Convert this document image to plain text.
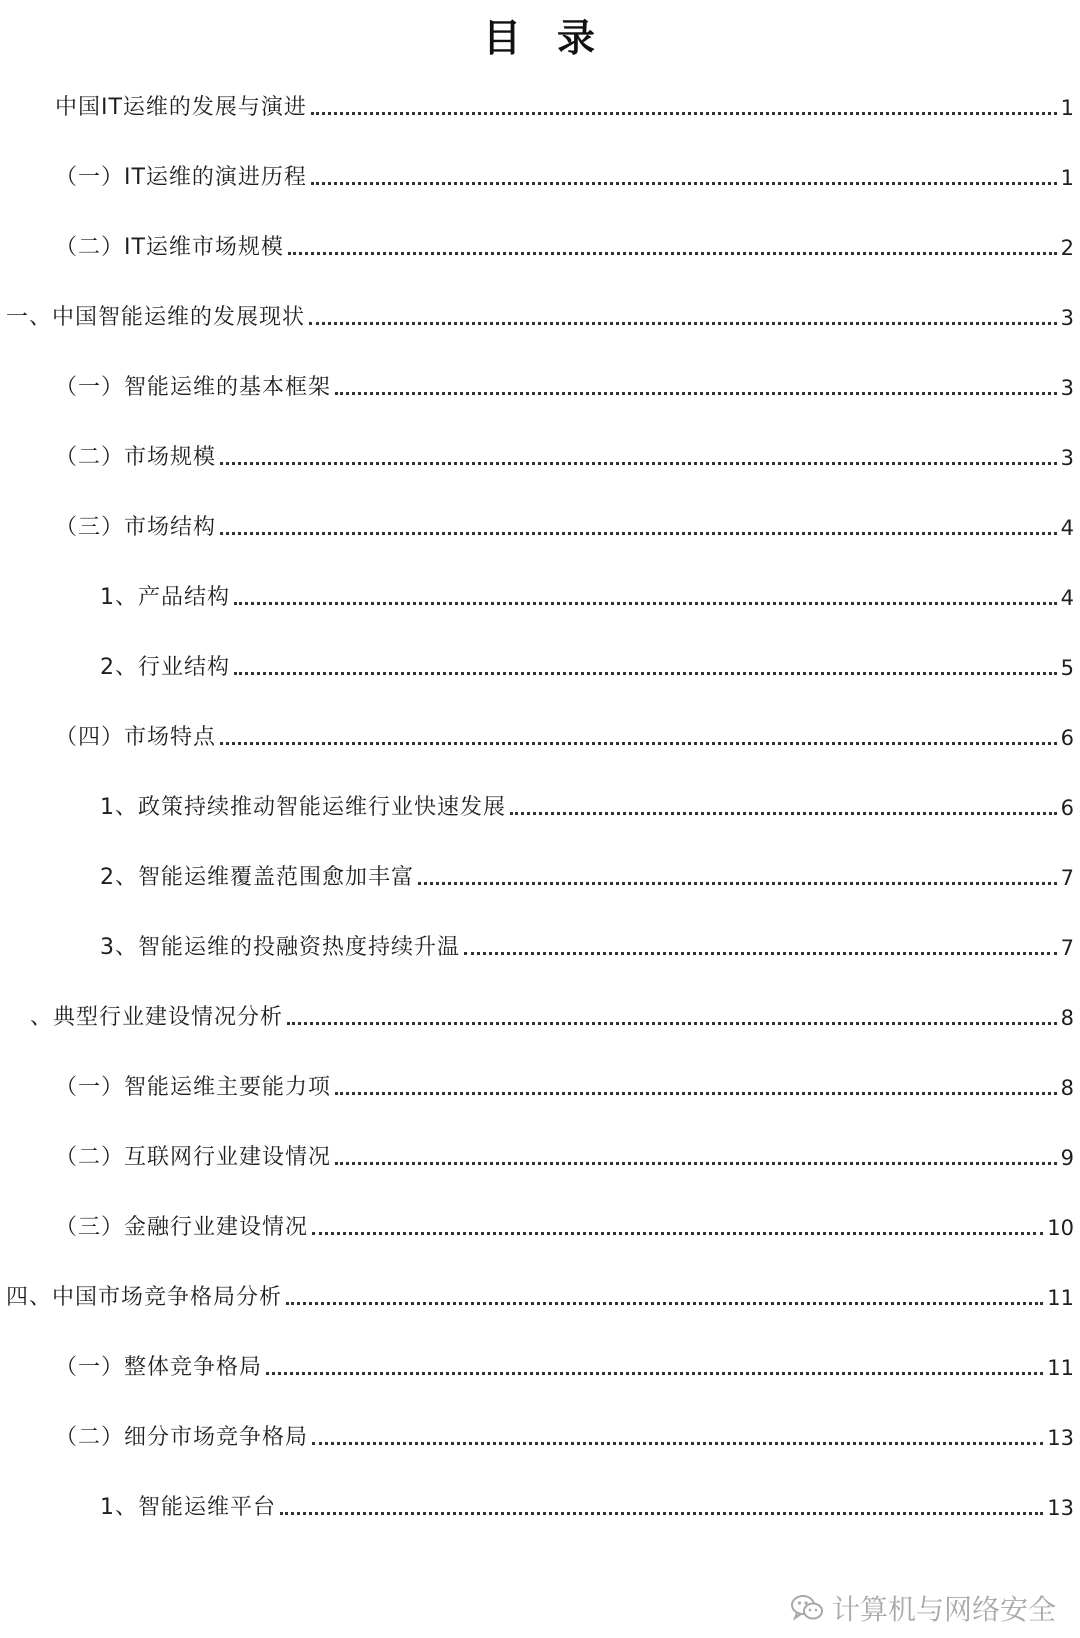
目 录
中国IT运维的发展与演进	1
（一）IT运维的演进历程	1
（二）IT运维市场规模	2
一、中国智能运维的发展现状	3
（一）智能运维的基本框架	3
（二）市场规模	3
（三）市场结构	4
1、产品结构	4
2、行业结构	5
（四）市场特点	6
1、政策持续推动智能运维行业快速发展	6
2、智能运维覆盖范围愈加丰富	7
3、智能运维的投融资热度持续升温	7
、典型行业建设情况分析	8
（一）智能运维主要能力项	8
（二）互联网行业建设情况	9
（三）金融行业建设情况	10
四、中国市场竞争格局分析	11
（一）整体竞争格局	11
（二）细分市场竞争格局	13
1、智能运维平台	13
计算机与网络安全
